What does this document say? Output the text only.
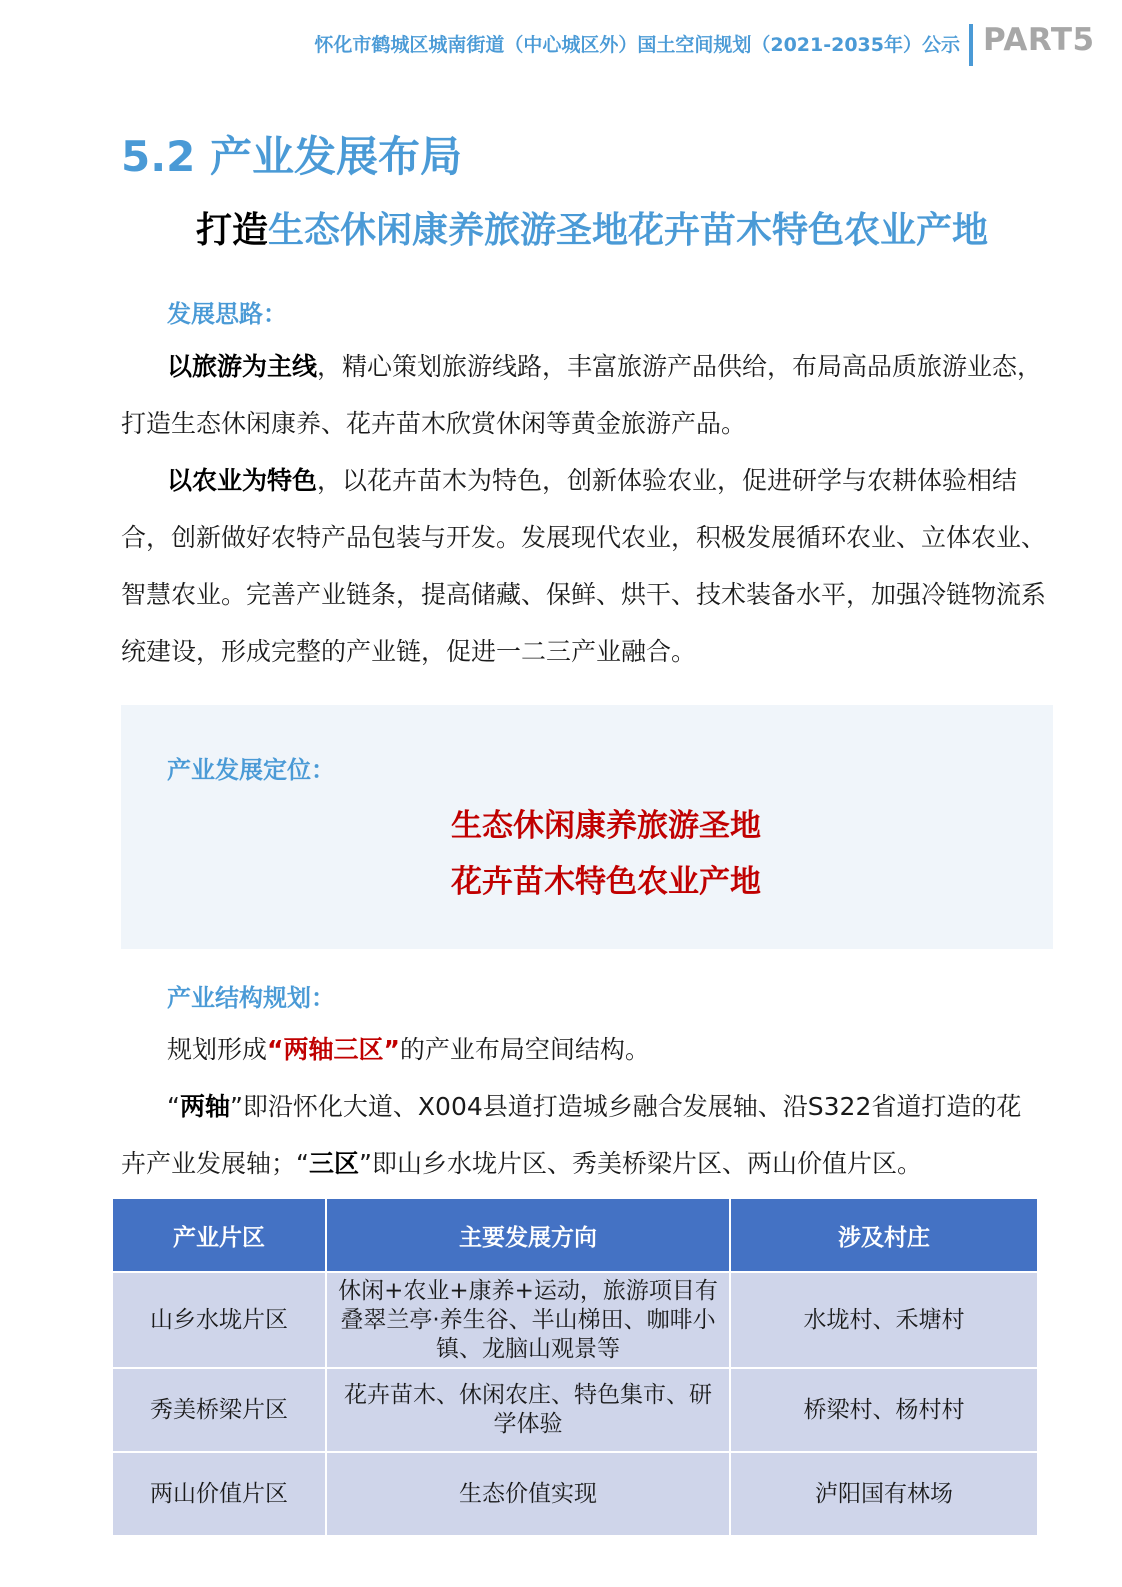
怀化市鹤城区城南街道（中心城区外）国土空间规划（2021-2035年）公示 PART5
5.2 产业发展布局
打造生态休闲康养旅游圣地花卉苗木特色农业产地
发展思路：

以旅游为主线，精心策划旅游线路，丰富旅游产品供给，布局高品质旅游业态，打造生态休闲康养、花卉苗木欣赏休闲等黄金旅游产品。

以农业为特色，以花卉苗木为特色，创新体验农业，促进研学与农耕体验相结合，创新做好农特产品包装与开发。发展现代农业，积极发展循环农业、立体农业、智慧农业。完善产业链条，提高储藏、保鲜、烘干、技术装备水平，加强冷链物流系统建设，形成完整的产业链，促进一二三产业融合。

产业发展定位：
生态休闲康养旅游圣地
花卉苗木特色农业产地
产业结构规划：

规划形成“两轴三区”的产业布局空间结构。

“两轴”即沿怀化大道、X004县道打造城乡融合发展轴、沿S322省道打造的花卉产业发展轴；“三区”即山乡水垅片区、秀美桥梁片区、两山价值片区。

产业片区	主要发展方向	涉及村庄
山乡水垅片区	休闲+农业+康养+运动，旅游项目有叠翠兰亭·养生谷、半山梯田、咖啡小镇、龙脑山观景等	水垅村、禾塘村
秀美桥梁片区	花卉苗木、休闲农庄、特色集市、研学体验	桥梁村、杨村村
两山价值片区	生态价值实现	泸阳国有林场
